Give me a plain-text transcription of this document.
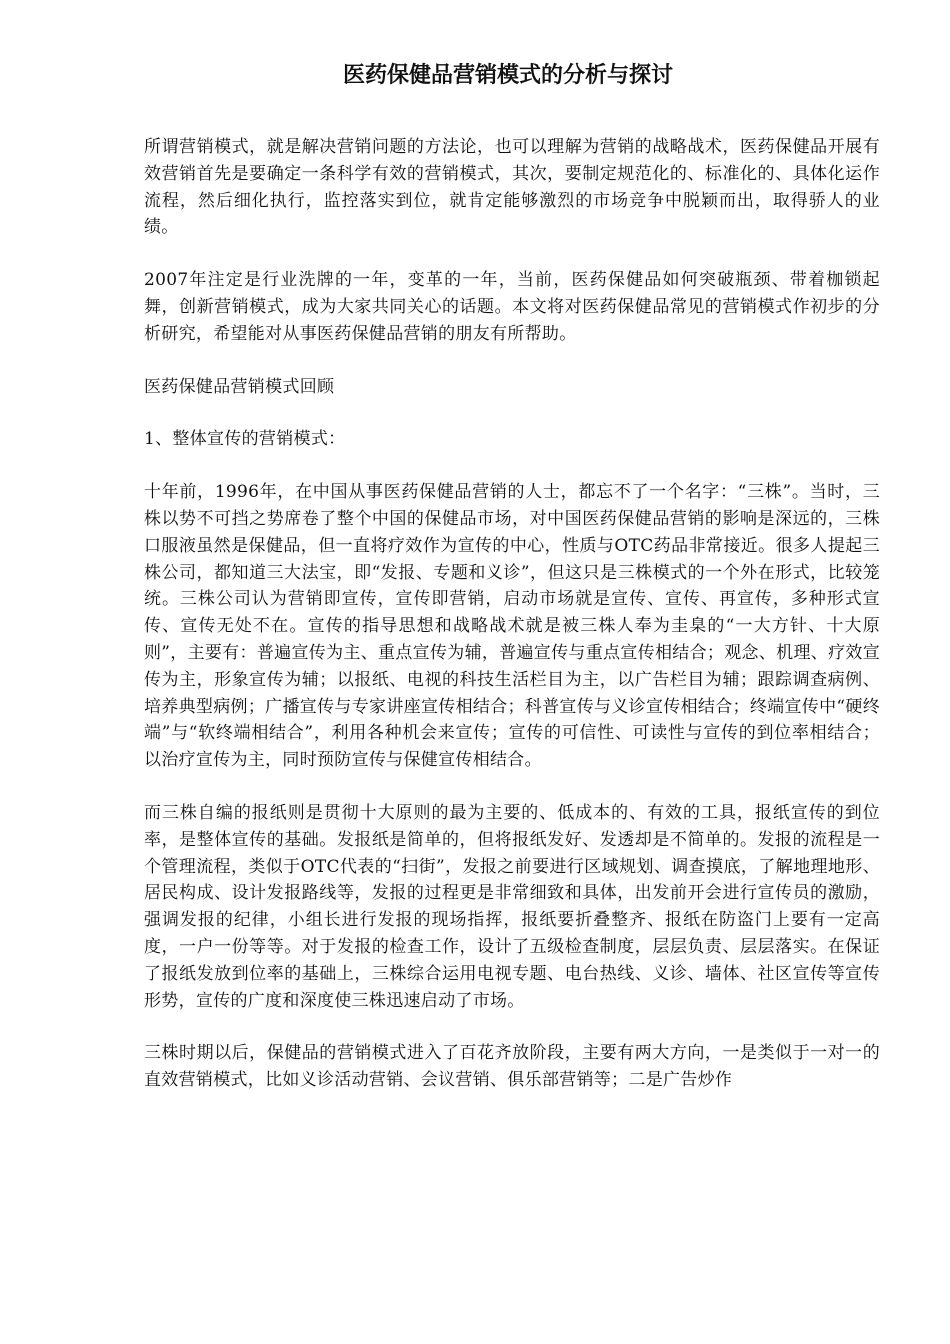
医药保健品营销模式的分析与探讨

所谓营销模式，就是解决营销问题的方法论，也可以理解为营销的战略战术，医药保健品开展有效营销首先是要确定一条科学有效的营销模式，其次，要制定规范化的、标准化的、具体化运作流程，然后细化执行，监控落实到位，就肯定能够激烈的市场竞争中脱颖而出，取得骄人的业绩。

2007年注定是行业洗牌的一年，变革的一年，当前，医药保健品如何突破瓶颈、带着枷锁起舞，创新营销模式，成为大家共同关心的话题。本文将对医药保健品常见的营销模式作初步的分析研究，希望能对从事医药保健品营销的朋友有所帮助。

医药保健品营销模式回顾

1、整体宣传的营销模式：

十年前，1996年，在中国从事医药保健品营销的人士，都忘不了一个名字：“三株”。当时，三株以势不可挡之势席卷了整个中国的保健品市场，对中国医药保健品营销的影响是深远的，三株口服液虽然是保健品，但一直将疗效作为宣传的中心，性质与OTC药品非常接近。很多人提起三株公司，都知道三大法宝，即“发报、专题和义诊”，但这只是三株模式的一个外在形式，比较笼统。三株公司认为营销即宣传，宣传即营销，启动市场就是宣传、宣传、再宣传，多种形式宣传、宣传无处不在。宣传的指导思想和战略战术就是被三株人奉为圭臬的“一大方针、十大原则”，主要有：普遍宣传为主、重点宣传为辅，普遍宣传与重点宣传相结合；观念、机理、疗效宣传为主，形象宣传为辅；以报纸、电视的科技生活栏目为主，以广告栏目为辅；跟踪调查病例、培养典型病例；广播宣传与专家讲座宣传相结合；科普宣传与义诊宣传相结合；终端宣传中“硬终端”与“软终端相结合”，利用各种机会来宣传；宣传的可信性、可读性与宣传的到位率相结合；以治疗宣传为主，同时预防宣传与保健宣传相结合。

而三株自编的报纸则是贯彻十大原则的最为主要的、低成本的、有效的工具，报纸宣传的到位率，是整体宣传的基础。发报纸是简单的，但将报纸发好、发透却是不简单的。发报的流程是一个管理流程，类似于OTC代表的“扫街”，发报之前要进行区域规划、调查摸底，了解地理地形、居民构成、设计发报路线等，发报的过程更是非常细致和具体，出发前开会进行宣传员的激励，强调发报的纪律，小组长进行发报的现场指挥，报纸要折叠整齐、报纸在防盗门上要有一定高度，一户一份等等。对于发报的检查工作，设计了五级检查制度，层层负责、层层落实。在保证了报纸发放到位率的基础上，三株综合运用电视专题、电台热线、义诊、墙体、社区宣传等宣传形势，宣传的广度和深度使三株迅速启动了市场。

三株时期以后，保健品的营销模式进入了百花齐放阶段，主要有两大方向，一是类似于一对一的直效营销模式，比如义诊活动营销、会议营销、俱乐部营销等；二是广告炒作
